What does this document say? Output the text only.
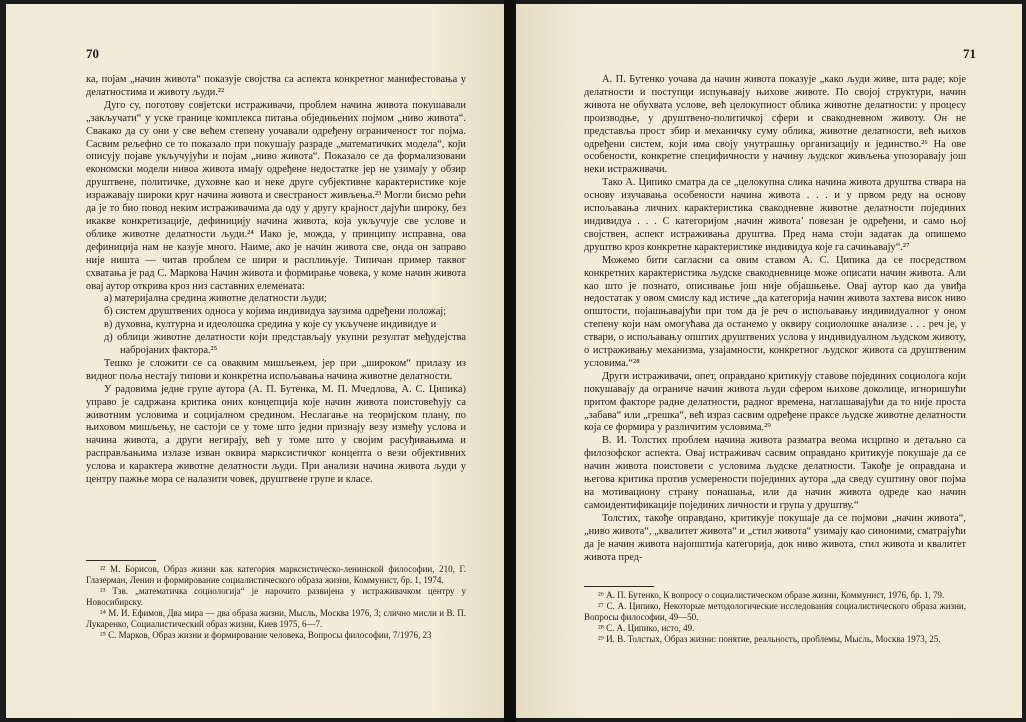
70

ка, појам „начин живота“ показује својства са аспекта конкретног манифестовања у делатностима и животу људи.²²

Дуго су, поготову совјетски истраживачи, проблем начина живота покушавали „закључати“ у уске границе комплекса питања обједињених појмом „ниво живота“. Свакако да су они у све већем степену уочавали одређену ограниченост тог појма. Сасвим рељефно се то показало при покушају разраде „математичких модела“, који описују појаве укључујући и појам „ниво живота“. Показало се да формализовани економски модели нивоа живота имају одређене недостатке јер не узимају у обзир друштвене, политичке, духовне као и неке друге субјективне карактеристике које изражавају широки круг начина живота и свестраност живљења.²³ Могли бисмо рећи да је то био повод неким истраживачима да оду у другу крајност дајући широку, без икакве конкретизације, дефиницију начина живота, која укључује све услове и облике животне делатности људи.²⁴ Иако је, можда, у принципу исправна, ова дефиниција нам не казује много. Наиме, ако је начин живота све, онда он заправо није ништа — читав проблем се шири и расплињује. Типичан пример таквог схватања је рад С. Маркова Начин живота и формирање човека, у коме начин живота овај аутор открива кроз низ саставних елемената:

а) материјална средина животне делатности људи;
б) систем друштвених односа у којима индивидуа заузима одређени положај;
в) духовна, културна и идеолошка средина у које су укључене индивидуе и
д) облици животне делатности који представљају укупни резултат међудејства набројаних фактора.²⁵

Тешко је сложити се са оваквим мишљењем, јер при „широком“ прилазу из видног поља нестају типови и конкретна испољавања начина животне делатности.

У радовима једне групе аутора (А. П. Бутенка, М. П. Мчедлова, А. С. Ципика) управо је садржана критика оних концепција које начин живота поистовећују са животним условима и социјалном средином. Неслагање на теоријском плану, по њиховом мишљењу, не састоји се у томе што једни признају везу између услова и начина живота, а други негирају, већ у томе што у својим расуђивањима и расправљањима излазе изван оквира марксистичког концепта о вези објективних услова и карактера животне делатности људи. При анализи начина живота људи у центру пажње мора се налазити човек, друштвене групе и класе.

²² М. Борисов, Образ жизни как категория марксистическо-ленинской философии, 210, Г. Глазерман, Ленин и формирование социалистического образа жизни, Коммунист, бр. 1, 1974.

²³ Тзв. „математичка социологија“ је нарочито развијена у истраживачком центру у Новосибирску.

²⁴ М. И. Ефимов, Два мира — два образа жизни, Мысль, Москва 1976, 3; слично мисли и В. П. Лукаренко, Социалистический образ жизни, Киев 1975, 6—7.

²⁵ С. Марков, Образ жизни и формирование человека, Вопросы философии, 7/1976, 23

71

А. П. Бутенко уочава да начин живота показује „како људи живе, шта раде; које делатности и поступци испуњавају њихове животе. По својој структури, начин живота не обухвата услове, већ целокупност облика животне делатности: у процесу производње, у друштвено-политичкој сфери и свакодневном животу. Он не представља прост збир и механичку суму облика, животне делатности, већ њихов одређени систем, који има своју унутрашњу организацију и јединство.²⁶ На ове особености, конкретне специфичности у начину људског живљења упозоравају још неки истраживачи.

Тако А. Ципико смaтра да се „целокупна слика начина живота друштва ствара на основу изучавања особености начина живота . . . и у првом реду на основу испољавања личних карактеристика свакодневне животне делатности појединих индивидуа . . . С категоријом ,начин живота’ повезан је одређени, и само њој својствен, аспект истраживања друштва. Пред нама стоји задатак да опишемо друштво кроз конкретне карактеристике индивидуа које га сачињавају“.²⁷

Можемо бити сагласни са овим ставом А. С. Ципика да се посредством конкретних карактеристика људске свакодневнице може описати начин живота. Али као што је познато, описивање још није објашњење. Овај аутор као да увиђа недостатак у овом смислу кад истиче „да категорија начин живота захтева висок ниво општости, појашњавајући при том да је реч о испољавању индивидуалног у оном степену који нам омогућава да останемо у оквиру социолошке анализе . . . реч је, у ствари, о испољавању општих друштвених услова у индивидуалном људском животу, о истраживању механизма, узајамности, конкретног људског живота са друштвеним условима.“²⁸

Други истраживачи, опет, оправдано критикују ставове појединих социолога који покушавају да ограниче начин живота људи сфером њихове доколице, игноришући притом факторе радне делатности, радног времена, наглашавајући да то није проста „забава“ или „грешка“, већ израз сасвим одређене праксе људске животне делатности која се формира у различитим условима.²⁹

В. И. Толстих проблем начина живота разматра веома исцрпно и детаљно са филозофског аспекта. Овај истраживач сасвим оправдано критикује покушаје да се начин живота поистовети с условима људске делатности. Такође је оправдана и његова критика против усмерености појединих аутора „да сведу суштину овог појма на мотивациону страну понашања, или да начин живота одреде као начин самоидентификације појединих личности и група у друштву.“

Толстих, такође оправдано, критикује покушаје да се појмови „начин живота“, „ниво живота“, „квалитет живота“ и „стил живота“ узимају као синоними, сматрајући да је начин живота најопштија категорија, док ниво живота, стил живота и квалитет живота пред-

²⁶ А. П. Бутенко, К вопросу о социалистическом образе жизни, Коммунист, 1976, бр. 1, 79.

²⁷ С. А. Ципико, Некоторые методологические исследования социалистического образа жизни, Вопросы философии, 49—50.

²⁸ С. А. Ципико, исто, 49.

²⁹ И. В. Толстых, Образ жизни: понятие, реальность, проблемы, Мысль, Москва 1973, 25.
